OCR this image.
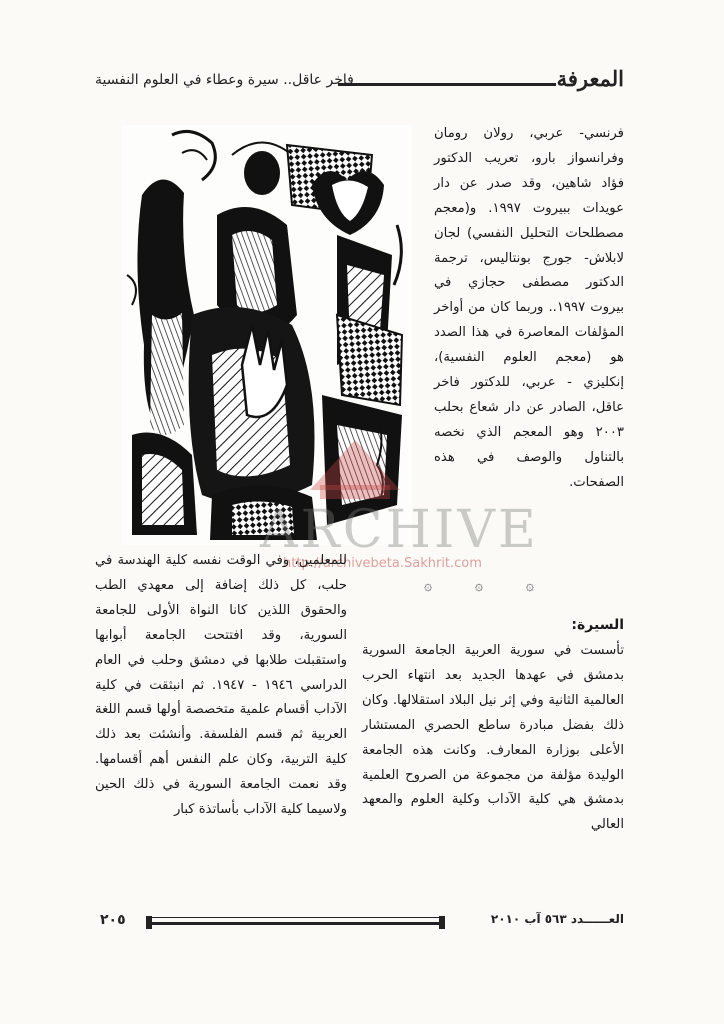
المعرفة
فاخر عاقل.. سيرة وعطاء في العلوم النفسية
ARCHIVE
http://archivebeta.Sakhrit.com

فرنسي- عربي، رولان رومان وفرانسواز بارو، تعريب الدكتور فؤاد شاهين، وقد صدر عن دار عويدات ببيروت ١٩٩٧. و(معجم مصطلحات التحليل النفسي) لجان لابلاش- جورج بونتاليس، ترجمة الدكتور مصطفى حجازي في بيروت ١٩٩٧.. وربما كان من أواخر المؤلفات المعاصرة في هذا الصدد هو (معجم العلوم النفسية)، إنكليزي - عربي، للدكتور فاخر عاقل، الصادر عن دار شعاع بحلب ٢٠٠٣ وهو المعجم الذي نخصه بالتناول والوصف في هذه الصفحات.

۞
۞
۞
السيرة:

تأسست في سورية العربية الجامعة السورية بدمشق في عهدها الجديد بعد انتهاء الحرب العالمية الثانية وفي إثر نيل البلاد استقلالها. وكان ذلك بفضل مبادرة ساطع الحصري المستشار الأعلى بوزارة المعارف. وكانت هذه الجامعة الوليدة مؤلفة من مجموعة من الصروح العلمية بدمشق هي كلية الآداب وكلية العلوم والمعهد العالي

للمعلمين، وفي الوقت نفسه كلية الهندسة في حلب، كل ذلك إضافة إلى معهدي الطب والحقوق اللذين كانا النواة الأولى للجامعة السورية، وقد افتتحت الجامعة أبوابها واستقبلت طلابها في دمشق وحلب في العام الدراسي ١٩٤٦ - ١٩٤٧. ثم انبثقت في كلية الآداب أقسام علمية متخصصة أولها قسم اللغة العربية ثم قسم الفلسفة. وأنشئت بعد ذلك كلية التربية، وكان علم النفس أهم أقسامها. وقد نعمت الجامعة السورية في ذلك الحين ولاسيما كلية الآداب بأساتذة كبار

٢٠٥	العــــــدد ٥٦٣ آب ٢٠١٠
